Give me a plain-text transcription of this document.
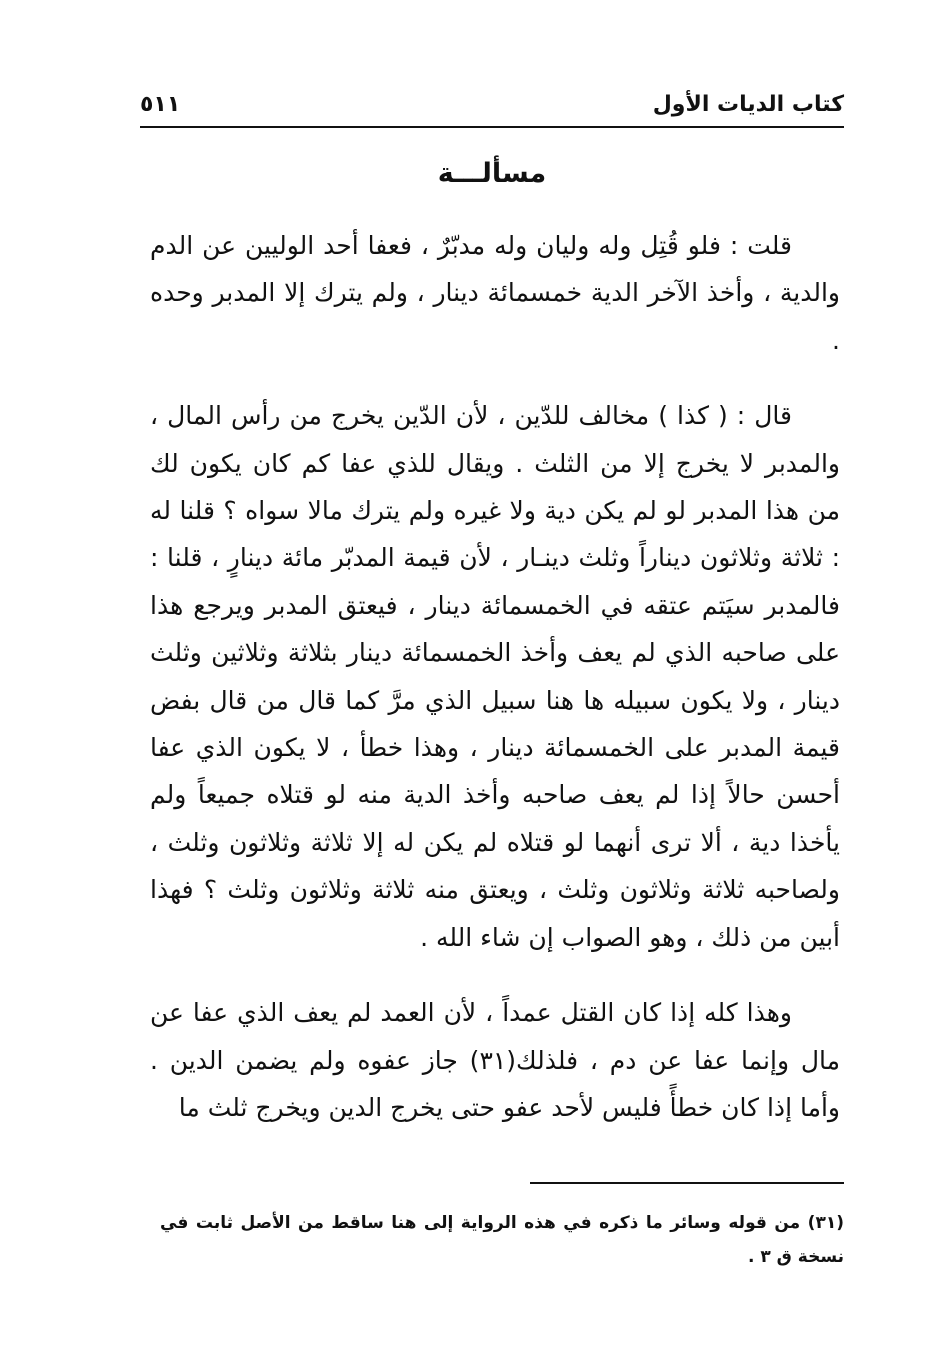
كتاب الديات الأول
٥١١
مسألـــة

قلت : فلو قُتِل وله وليان وله مدبّرٌ ، فعفا أحد الوليين عن الدم والدية ، وأخذ الآخر الدية خمسمائة دينار ، ولم يترك إلا المدبر وحده .

قال : ( كذا ) مخالف للدّين ، لأن الدّين يخرج من رأس المال ، والمدبر لا يخرج إلا من الثلث . ويقال للذي عفا كم كان يكون لك من هذا المدبر لو لم يكن دية ولا غيره ولم يترك مالا سواه ؟ قلنا له : ثلاثة وثلاثون ديناراً وثلث دينـار ، لأن قيمة المدبّر مائة دينارٍ ، قلنا : فالمدبر سيَتم عتقه في الخمسمائة دينار ، فيعتق المدبر ويرجع هذا على صاحبه الذي لم يعف وأخذ الخمسمائة دينار بثلاثة وثلاثين وثلث دينار ، ولا يكون سبيله ها هنا سبيل الذي مرَّ كما قال من قال بفض قيمة المدبر على الخمسمائة دينار ، وهذا خطأ ، لا يكون الذي عفا أحسن حالاً إذا لم يعف صاحبه وأخذ الدية منه لو قتلاه جميعاً ولم يأخذا دية ، ألا ترى أنهما لو قتلاه لم يكن له إلا ثلاثة وثلاثون وثلث ، ولصاحبه ثلاثة وثلاثون وثلث ، ويعتق منه ثلاثة وثلاثون وثلث ؟ فهذا أبين من ذلك ، وهو الصواب إن شاء الله .

وهذا كله إذا كان القتل عمداً ، لأن العمد لم يعف الذي عفا عن مال وإنما عفا عن دم ، فلذلك(٣١) جاز عفوه ولم يضمن الدين . وأما إذا كان خطأً فليس لأحد عفو حتى يخرج الدين ويخرج ثلث ما

(٣١) من قوله وسائر ما ذكره في هذه الرواية إلى هنا ساقط من الأصل ثابت في نسخة ق ٣ .
